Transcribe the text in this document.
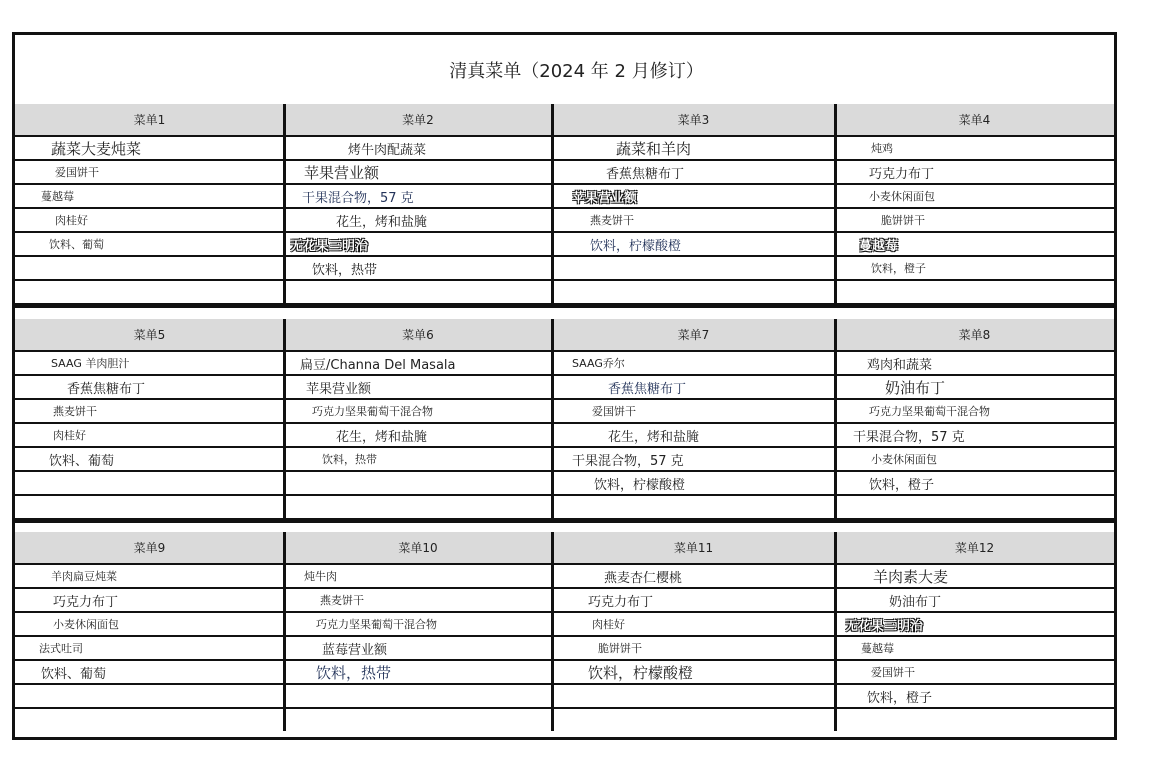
清真菜单（2024 年 2 月修订）
菜单1
蔬菜大麦炖菜
爱国饼干
蔓越莓
肉桂好
饮料、葡萄
菜单2
烤牛肉配蔬菜
苹果营业额
干果混合物，57 克
花生，烤和盐腌
无花果三明治
饮料，热带
菜单3
蔬菜和羊肉
香蕉焦糖布丁
苹果营业额
燕麦饼干
饮料，柠檬酸橙
菜单4
炖鸡
巧克力布丁
小麦休闲面包
脆饼饼干
蔓越莓
饮料，橙子
菜单5
SAAG 羊肉胆汁
香蕉焦糖布丁
燕麦饼干
肉桂好
饮料、葡萄
菜单6
扁豆/Channa Del Masala
苹果营业额
巧克力坚果葡萄干混合物
花生，烤和盐腌
饮料，热带
菜单7
SAAG乔尔
香蕉焦糖布丁
爱国饼干
花生，烤和盐腌
干果混合物，57 克
饮料，柠檬酸橙
菜单8
鸡肉和蔬菜
奶油布丁
巧克力坚果葡萄干混合物
干果混合物，57 克
小麦休闲面包
饮料，橙子
菜单9
羊肉扁豆炖菜
巧克力布丁
小麦休闲面包
法式吐司
饮料、葡萄
菜单10
炖牛肉
燕麦饼干
巧克力坚果葡萄干混合物
蓝莓营业额
饮料，热带
菜单11
燕麦杏仁樱桃
巧克力布丁
肉桂好
脆饼饼干
饮料，柠檬酸橙
菜单12
羊肉素大麦
奶油布丁
无花果三明治
蔓越莓
爱国饼干
饮料，橙子
